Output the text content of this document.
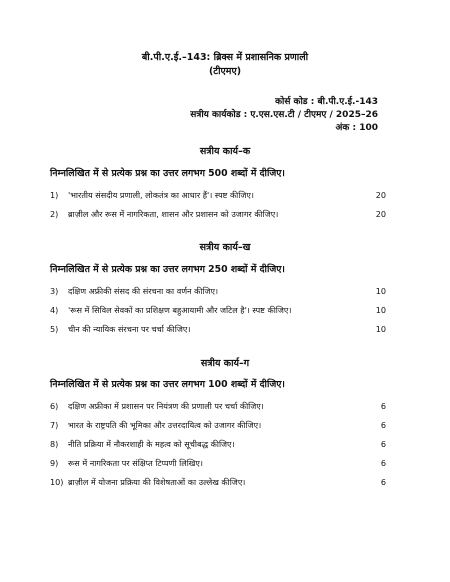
बी.पी.ए.ई.–143: ब्रिक्स में प्रशासनिक प्रणाली
(टीएमए)
कोर्स कोड : बी.पी.ए.ई.-143
सत्रीय कार्यकोड : ए.एस.एस.टी / टीएमए / 2025–26
अंक : 100
सत्रीय कार्य–क
निम्नलिखित में से प्रत्येक प्रश्न का उत्तर लगभग 500 शब्दों में दीजिए।
1) 'भारतीय संसदीय प्रणाली, लोकतंत्र का आधार हैं'। स्पष्ट कीजिए।	20
2) ब्राज़ील और रूस में नागरिकता, शासन और प्रशासन को उजागर कीजिए।	20
सत्रीय कार्य–ख
निम्नलिखित में से प्रत्येक प्रश्न का उत्तर लगभग 250 शब्दों में दीजिए।
3) दक्षिण अफ्रीकी संसद की संरचना का वर्णन कीजिए।	10
4) 'रूस में सिविल सेवकों का प्रशिक्षण बहुआयामी और जटिल है'। स्पष्ट कीजिए।	10
5) चीन की न्यायिक संरचना पर चर्चा कीजिए।	10
सत्रीय कार्य–ग
निम्नलिखित में से प्रत्येक प्रश्न का उत्तर लगभग 100 शब्दों में दीजिए।
6) दक्षिण अफ्रीका में प्रशासन पर नियंत्रण की प्रणाली पर चर्चा कीजिए।	6
7) भारत के राष्ट्रपति की भूमिका और उत्तरदायित्व को उजागर कीजिए।	6
8) नीति प्रक्रिया में नौकरशाही के महत्व को सूचीबद्ध कीजिए।	6
9) रूस में नागरिकता पर संक्षिप्त टिप्पणी लिखिए।	6
10) ब्राज़ील में योजना प्रक्रिया की विशेषताओं का उल्लेख कीजिए।	6
